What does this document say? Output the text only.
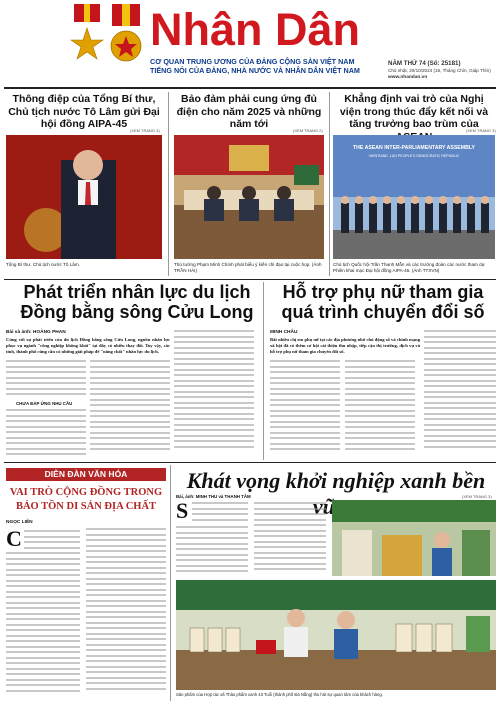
Nhân Dân
CƠ QUAN TRUNG ƯƠNG CỦA ĐẢNG CỘNG SẢN VIỆT NAM
TIẾNG NÓI CỦA ĐẢNG, NHÀ NƯỚC VÀ NHÂN DÂN VIỆT NAM
NĂM THỨ 74 (Số: 25181)
Chủ nhật, 20/10/2024 (18, Tháng Chín, Giáp Thìn)
www.nhandan.vn
Thông điệp của Tổng Bí thư, Chủ tịch nước Tô Lâm gửi Đại hội đồng AIPA-45
(XEM TRANG 3)
Tổng Bí thư, Chủ tịch nước Tô Lâm.
Bảo đảm phải cung ứng đủ điện cho năm 2025 và những năm tới
(XEM TRANG 2)
Thủ tướng Phạm Minh Chính phát biểu ý kiến chỉ đạo tại cuộc họp. (Ảnh TRẦN HẢI)
Khẳng định vai trò của Nghị viện trong thúc đẩy kết nối và tăng trưởng bao trùm của
(XEM TRANG 3)
THE ASEAN INTER-PARLIAMENTARY ASSEMBLY
VIENTIANE, LAO PEOPLE'S DEMOCRATIC REPUBLIC
Chủ tịch Quốc hội Trần Thanh Mẫn và các trưởng đoàn các nước tham dự Phiên khai mạc Đại hội đồng AIPA-45. (Ảnh TTXVN)
Phát triển nhân lực du lịch Đồng bằng sông Cửu Long
Bài và ảnh: HOÀNG PHAN
Cùng với sự phát triển của du lịch Đồng bằng sông Cửu Long, nguồn nhân lực phục vụ ngành "công nghiệp không khói" tại đây có nhiều thay đổi. Tuy vậy, các tỉnh, thành phố cũng cần có những giải pháp để "nâng chất" nhân lực du lịch.
CHƯA ĐÁP ỨNG NHU CẦU
Hỗ trợ phụ nữ tham gia quá trình chuyển đổi số
MINH CHÂU
Bất nhiều chị em phụ nữ tại các địa phương nhờ chủ động số và chính mạng xã hội đã có thêm cơ hội cải thiện thu nhập, tiếp cận thị trường, dịch vụ và hỗ trợ phụ nữ tham gia chuyển đổi số.
DIỄN ĐÀN VĂN HÓA
VAI TRÒ CỘNG ĐỒNG TRONG BẢO TỒN DI SẢN ĐỊA CHẤT
NGỌC LIÊN
C
Khát vọng khởi nghiệp xanh bền
Bài, ảnh: MINH THU và THANH TÂM	(XEM TRANG 3)
S
Sản phẩm của Hợp tác xã Thảo phẩm xanh 43 Tuổi (thành phố Đà Nẵng) thu hút sự quan tâm của khách hàng.
